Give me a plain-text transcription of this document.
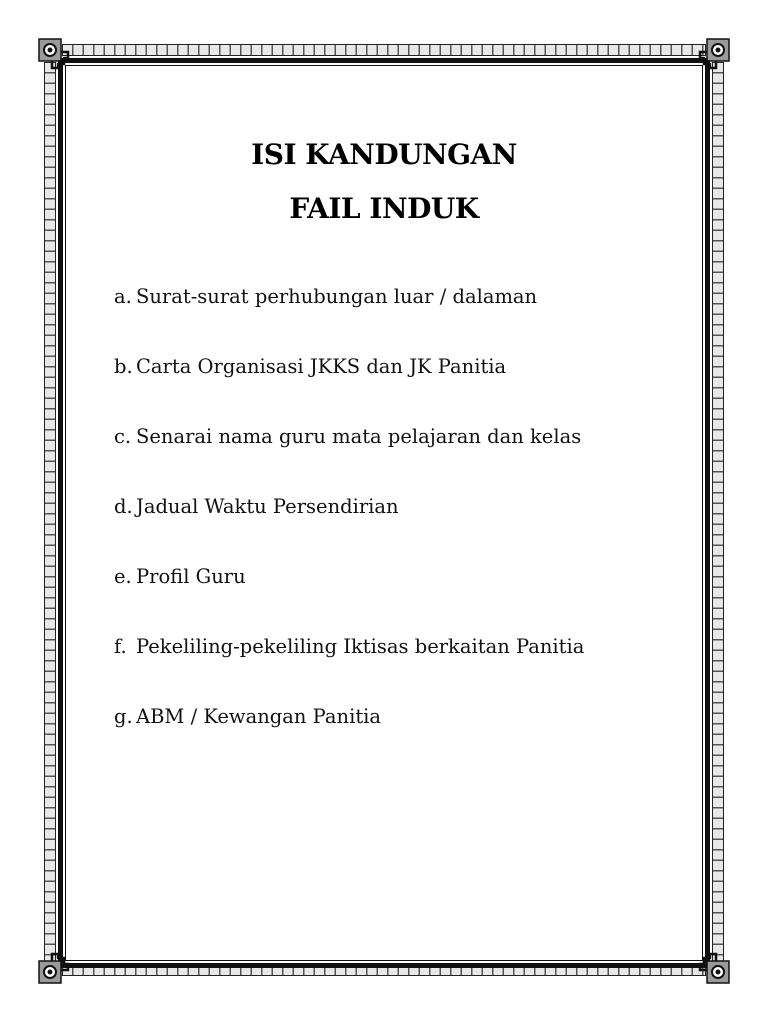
ISI KANDUNGAN
FAIL INDUK
a. Surat-surat perhubungan luar / dalaman
b. Carta Organisasi JKKS dan JK Panitia
c. Senarai nama guru mata pelajaran dan kelas
d. Jadual Waktu Persendirian
e. Profil Guru
f. Pekeliling-pekeliling Iktisas berkaitan Panitia
g. ABM / Kewangan Panitia
